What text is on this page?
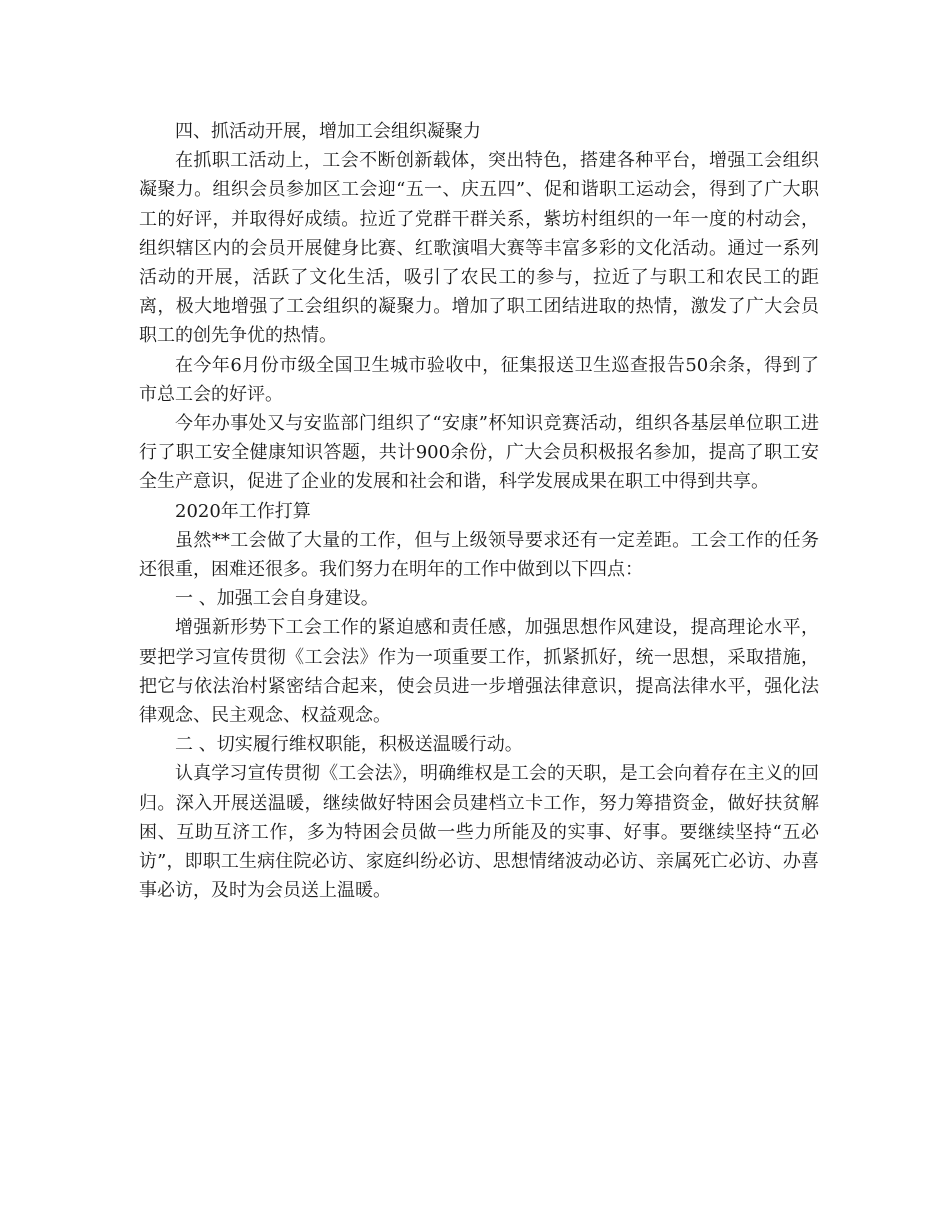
四、抓活动开展，增加工会组织凝聚力

在抓职工活动上，工会不断创新载体，突出特色，搭建各种平台，增强工会组织凝聚力。组织会员参加区工会迎“五一、庆五四”、促和谐职工运动会，得到了广大职工的好评，并取得好成绩。拉近了党群干群关系，紫坊村组织的一年一度的村动会，组织辖区内的会员开展健身比赛、红歌演唱大赛等丰富多彩的文化活动。通过一系列活动的开展，活跃了文化生活，吸引了农民工的参与，拉近了与职工和农民工的距离，极大地增强了工会组织的凝聚力。增加了职工团结进取的热情，激发了广大会员职工的创先争优的热情。

在今年6月份市级全国卫生城市验收中，征集报送卫生巡查报告50余条，得到了市总工会的好评。

今年办事处又与安监部门组织了“安康”杯知识竞赛活动，组织各基层单位职工进行了职工安全健康知识答题，共计900余份，广大会员积极报名参加，提高了职工安全生产意识，促进了企业的发展和社会和谐，科学发展成果在职工中得到共享。

2020年工作打算

虽然**工会做了大量的工作，但与上级领导要求还有一定差距。工会工作的任务还很重，困难还很多。我们努力在明年的工作中做到以下四点：

一 、加强工会自身建设。

增强新形势下工会工作的紧迫感和责任感，加强思想作风建设，提高理论水平，要把学习宣传贯彻《工会法》作为一项重要工作，抓紧抓好，统一思想，采取措施，把它与依法治村紧密结合起来，使会员进一步增强法律意识，提高法律水平，强化法律观念、民主观念、权益观念。

二 、切实履行维权职能，积极送温暖行动。

认真学习宣传贯彻《工会法》，明确维权是工会的天职，是工会向着存在主义的回归。深入开展送温暖，继续做好特困会员建档立卡工作，努力筹措资金，做好扶贫解困、互助互济工作，多为特困会员做一些力所能及的实事、好事。要继续坚持“五必访”，即职工生病住院必访、家庭纠纷必访、思想情绪波动必访、亲属死亡必访、办喜事必访，及时为会员送上温暖。
